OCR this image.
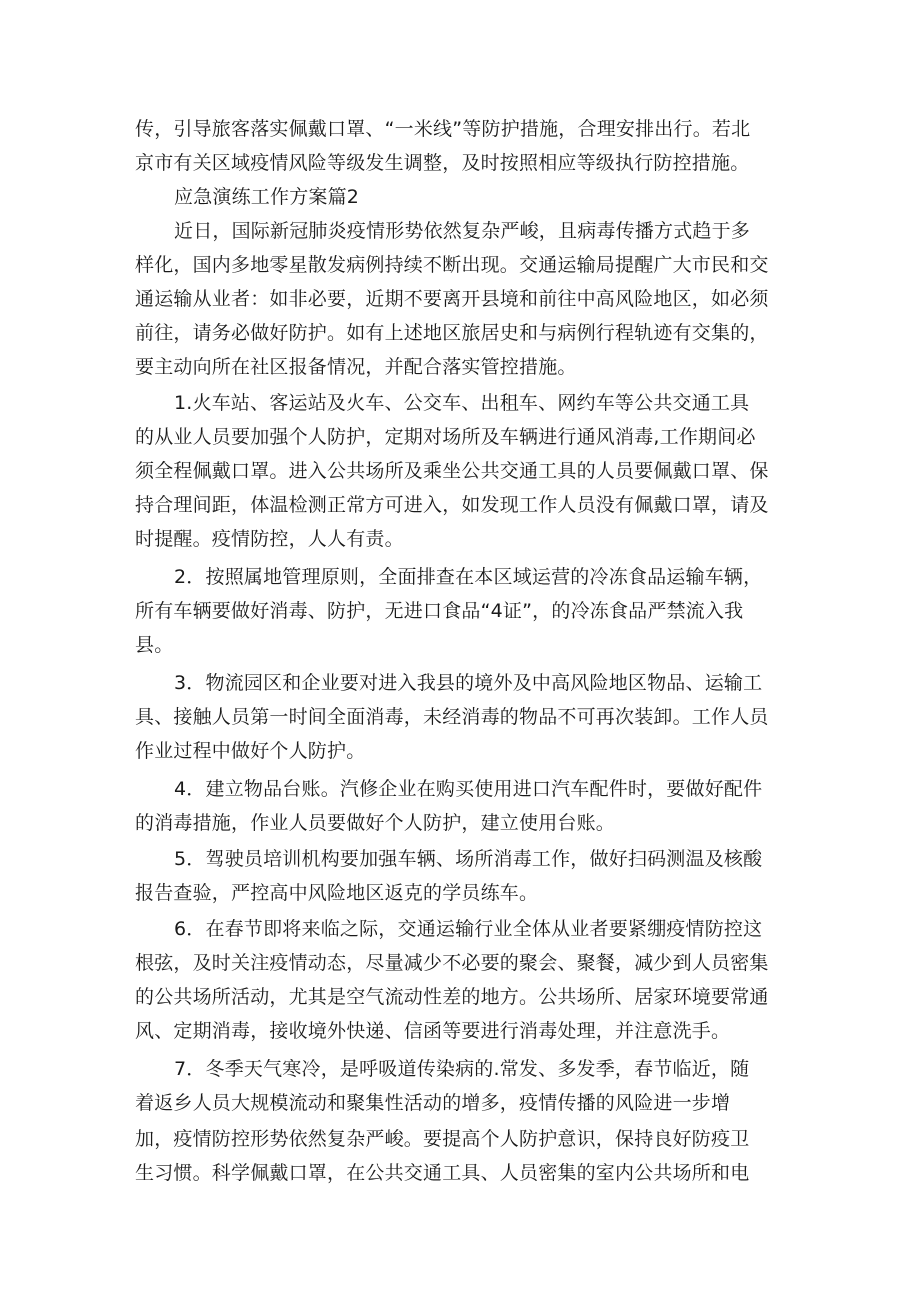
传，引导旅客落实佩戴口罩、“一米线”等防护措施，合理安排出行。若北
京市有关区域疫情风险等级发生调整，及时按照相应等级执行防控措施。
应急演练工作方案篇2
近日，国际新冠肺炎疫情形势依然复杂严峻，且病毒传播方式趋于多
样化，国内多地零星散发病例持续不断出现。交通运输局提醒广大市民和交
通运输从业者：如非必要，近期不要离开县境和前往中高风险地区，如必须
前往，请务必做好防护。如有上述地区旅居史和与病例行程轨迹有交集的，
要主动向所在社区报备情况，并配合落实管控措施。
1.火车站、客运站及火车、公交车、出租车、网约车等公共交通工具
的从业人员要加强个人防护，定期对场所及车辆进行通风消毒,工作期间必
须全程佩戴口罩。进入公共场所及乘坐公共交通工具的人员要佩戴口罩、保
持合理间距，体温检测正常方可进入，如发现工作人员没有佩戴口罩，请及
时提醒。疫情防控，人人有责。
2．按照属地管理原则，全面排查在本区域运营的冷冻食品运输车辆，
所有车辆要做好消毒、防护，无进口食品“4证”，的冷冻食品严禁流入我
县。
3．物流园区和企业要对进入我县的境外及中高风险地区物品、运输工
具、接触人员第一时间全面消毒，未经消毒的物品不可再次装卸。工作人员
作业过程中做好个人防护。
4．建立物品台账。汽修企业在购买使用进口汽车配件时，要做好配件
的消毒措施，作业人员要做好个人防护，建立使用台账。
5．驾驶员培训机构要加强车辆、场所消毒工作，做好扫码测温及核酸
报告查验，严控高中风险地区返克的学员练车。
6．在春节即将来临之际，交通运输行业全体从业者要紧绷疫情防控这
根弦，及时关注疫情动态，尽量减少不必要的聚会、聚餐，减少到人员密集
的公共场所活动，尤其是空气流动性差的地方。公共场所、居家环境要常通
风、定期消毒，接收境外快递、信函等要进行消毒处理，并注意洗手。
7．冬季天气寒冷，是呼吸道传染病的.常发、多发季，春节临近，随
着返乡人员大规模流动和聚集性活动的增多，疫情传播的风险进一步增
加，疫情防控形势依然复杂严峻。要提高个人防护意识，保持良好防疫卫
生习惯。科学佩戴口罩，在公共交通工具、人员密集的室内公共场所和电
